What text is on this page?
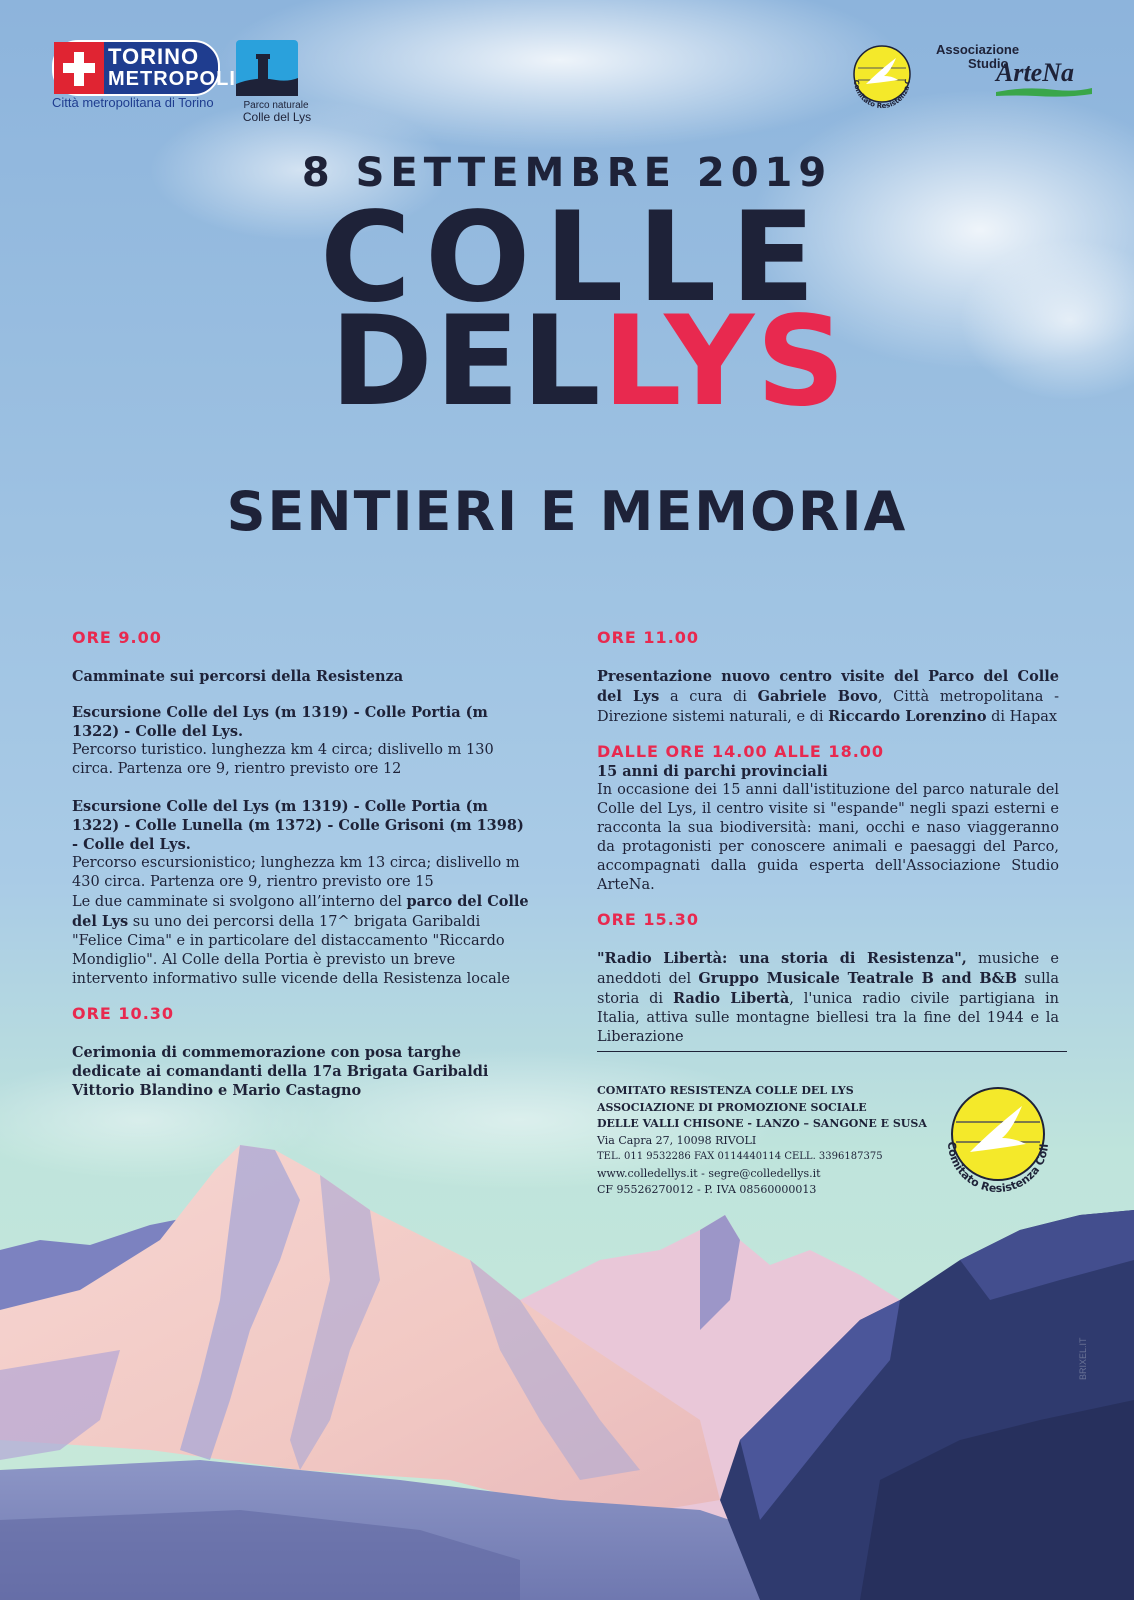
TORINO
METROPOLI
Città metropolitana di Torino	Parco naturale
Colle del Lys
Comitato Resistenza C
Associazione
Studio
ArteNa
8 SETTEMBRE 2019
COLLE
DELLYS
SENTIERI E MEMORIA
ORE 9.00

Camminate sui percorsi della Resistenza

Escursione Colle del Lys (m 1319) - Colle Portia (m 1322) - Colle del Lys.

Percorso turistico. lunghezza km 4 circa; dislivello m 130 circa. Partenza ore 9, rientro previsto ore 12

Escursione Colle del Lys (m 1319) - Colle Portia (m 1322) - Colle Lunella (m 1372) - Colle Grisoni (m 1398) - Colle del Lys.

Percorso escursionistico; lunghezza km 13 circa; dislivello m 430 circa. Partenza ore 9, rientro previsto ore 15

Le due camminate si svolgono all’interno del parco del Colle del Lys su uno dei percorsi della 17^ brigata Garibaldi "Felice Cima" e in particolare del distaccamento "Riccardo Mondiglio". Al Colle della Portia è previsto un breve intervento informativo sulle vicende della Resistenza locale

ORE 10.30

Cerimonia di commemorazione con posa targhe dedicate ai comandanti della 17a Brigata Garibaldi Vittorio Blandino e Mario Castagno

ORE 11.00

Presentazione nuovo centro visite del Parco del Colle del Lys a cura di Gabriele Bovo, Città metropolitana - Direzione sistemi naturali, e di Riccardo Lorenzino di Hapax

DALLE ORE 14.00 ALLE 18.00

15 anni di parchi provinciali

In occasione dei 15 anni dall'istituzione del parco naturale del Colle del Lys, il centro visite si "espande" negli spazi esterni e racconta la sua biodiversità: mani, occhi e naso viaggeranno da protagonisti per conoscere animali e paesaggi del Parco, accompagnati dalla guida esperta dell'Associazione Studio ArteNa.

ORE 15.30

"Radio Libertà: una storia di Resistenza", musiche e aneddoti del Gruppo Musicale Teatrale B and B&B sulla storia di Radio Libertà, l'unica radio civile partigiana in Italia, attiva sulle montagne biellesi tra la fine del 1944 e la Liberazione

COMITATO RESISTENZA COLLE DEL LYS
ASSOCIAZIONE DI PROMOZIONE SOCIALE
DELLE VALLI CHISONE - LANZO – SANGONE E SUSA
Via Capra 27, 10098 RIVOLI
TEL. 011 9532286 FAX 0114440114 CELL. 3396187375
www.colledellys.it - segre@colledellys.it
CF 95526270012 - P. IVA 08560000013
Comitato Resistenza Coll
BRIXEL.IT
